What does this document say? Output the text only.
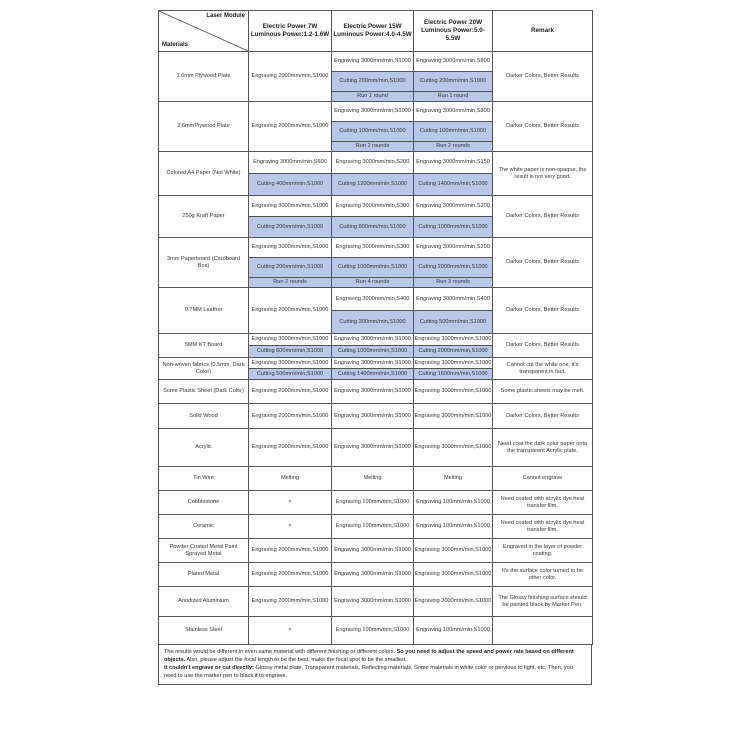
Laser Module
Materials	Electric Power 7W Luminous Power:1.2-1.6W	Electric Power 15W Luminous Power:4.0-4.5W	Electric Power 20W Luminous Power:5.0-5.5W	Remark
1.6mm Plywood Plate	Engraving 2000mm/min,S1000	Engraving 3000mm/min,S1000	Engraving 3000mm/min,S800	Darker Colors, Better Results
		Cutting 200mm/min,S1000	Cutting 200mm/min,S1000	
		Run 1 round	Run 1 round	
2.6mmPlywood Plate	Engraving 2000mm/min,S1000	Engraving 3000mm/min,S1000	Engraving 3000mm/min,S800	Darker Colors, Better Results
		Cutting 100mm/min,S1000	Cutting 100mm/min,S1000	
		Run 2 rounds	Run 2 rounds	
Colored A4 Paper (Not White)	Engraving 3000mm/min,S600	Engraving 3000mm/min,S200	Engraving 3000mm/min,S150	The white paper is non-opaque, the result is not very good.
	Cutting 400mm/min,S1000	Cutting 1200mm/min,S1000	Cutting 1400mm/min,S1000	
250g Kraft Paper	Engraving 3000mm/min,S1000	Engraving 3000mm/min,S300	Engraving 3000mm/min,S200	Darker Colors, Better Results
	Cutting 200mm/min,S1000	Cutting 800mm/min,S1000	Cutting 1000mm/min,S1000	
3mm Paperboard (Cardboard Box)	Engraving 3000mm/min,S1000	Engraving 3000mm/min,S300	Engraving 3000mm/min,S200	Darker Colors, Better Results
	Cutting 200mm/min,S1000	Cutting 1000mm/min,S1000	Cutting 2000mm/min,S1000	
	Run 2 rounds	Run 4 rounds	Run 3 rounds	
0.7MM Leather	Engraving 2000mm/min,S1000	Engraving 3000mm/min,S400	Engraving 3000mm/min,S400	Darker Colors, Better Results
		Cutting 300mm/min,S1000	Cutting 500mm/min,S1000	
5MM KT Board	Engraving 3000mm/min,S1000	Engraving 3000mm/min,S1000	Engraving 3000mm/min,S1000	Darker Colors, Better Results
	Cutting 600mm/min,S1000	Cutting 1000mm/min,S1000	Cutting 2000mm/min,S1000	
Non-woven fabrics (0.5mm, Dark Color)	Engraving 3000mm/min,S1000	Engraving 3000mm/min,S1000	Engraving 3000mm/min,S1000	Cannot cut the white one, it's transparent in fact.
	Cutting 500mm/min,S1000	Cutting 1400mm/min,S1000	Cutting 1600mm/min,S1000	
Some Plastic Sheet (Dark Color)	Engraving 2000mm/min,S1000	Engraving 3000mm/min,S1000	Engraving 3000mm/min,S1000	Some plastic sheets may be melt.
Solid Wood	Engraving 2000mm/min,S1000	Engraving 3000mm/min,S1000	Engraving 3000mm/min,S1000	Darker Colors, Better Results
Acrylic	Engraving 2000mm/min,S1000	Engraving 3000mm/min,S1000	Engraving 3000mm/min,S1000	Need coat the dark color paper onto the transparent Acrylic plate.
Tin Wire	Melting	Melting	Melting	Cannot engrave
Cobblestone	×	Engraving 100mm/min,S1000	Engraving 100mm/min,S1000	Need coated with acrylic dye heat transfer film.
Ceramic	×	Engraving 100mm/min,S1000	Engraving 100mm/min,S1000	Need coated with acrylic dye heat transfer film.
Powder Coated Metal Paint Sprayed Metal	Engraving 2000mm/min,S1000	Engraving 3000mm/min,S1000	Engraving 3000mm/min,S1000	Engraved in the layer of powder coating.
Plated Metal	Engraving 2000mm/min,S1000	Engraving 3000mm/min,S1000	Engraving 3000mm/min,S1000	It's the surface color turned to be other color.
Anodized Aluminium	Engraving 2000mm/min,S1000	Engraving 3000mm/min,S1000	Engraving 3000mm/min,S1000	The Glossy finishing surface should be painted black by Marker Pen.
Stainless Steel	×	Engraving 100mm/min,S1000	Engraving 100mm/min,S1000	
The results would be different in even same material with different finishing or different colors. So you need to adjust the speed and power rate based on different objects. Also, please adjust the focal length to be the best, make the focal spot to be the smallest.
It couldn't engrave or cut directly: Glossy metal plate, Transparent materials, Reflecting materials, Some materials in white color or pervious to light, etc. Then, you need to use the marker pen to black it to engrave.
